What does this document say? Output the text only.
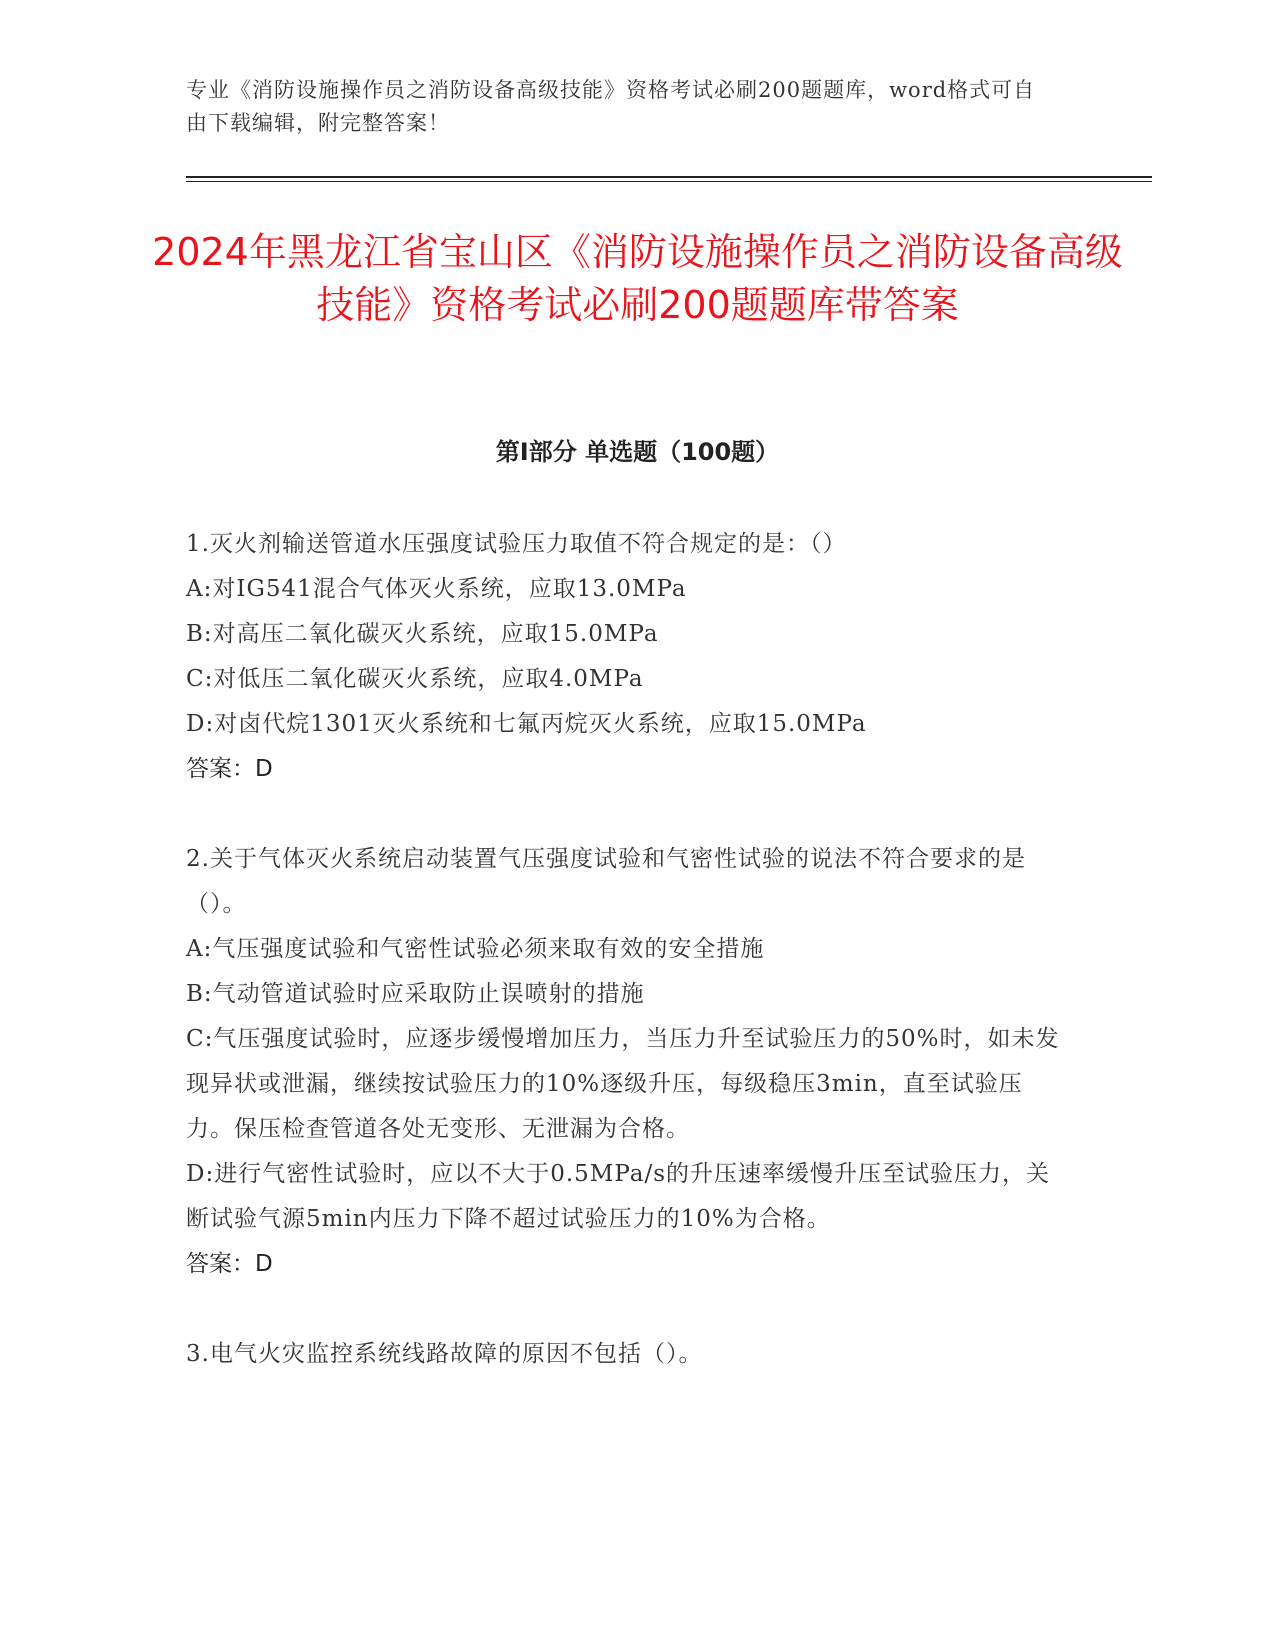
专业《消防设施操作员之消防设备高级技能》资格考试必刷200题题库，word格式可自由下载编辑，附完整答案！
2024年黑龙江省宝山区《消防设施操作员之消防设备高级技能》资格考试必刷200题题库带答案
第I部分 单选题（100题）

1.灭火剂输送管道水压强度试验压力取值不符合规定的是：（）

A:对IG541混合气体灭火系统，应取13.0MPa

B:对高压二氧化碳灭火系统，应取15.0MPa

C:对低压二氧化碳灭火系统，应取4.0MPa

D:对卤代烷1301灭火系统和七氟丙烷灭火系统，应取15.0MPa

答案：D

2.关于气体灭火系统启动装置气压强度试验和气密性试验的说法不符合要求的是（）。

A:气压强度试验和气密性试验必须来取有效的安全措施

B:气动管道试验时应采取防止误喷射的措施

C:气压强度试验时，应逐步缓慢增加压力，当压力升至试验压力的50%时，如未发现异状或泄漏，继续按试验压力的10%逐级升压，每级稳压3min，直至试验压力。保压检查管道各处无变形、无泄漏为合格。

D:进行气密性试验时，应以不大于0.5MPa/s的升压速率缓慢升压至试验压力，关断试验气源5min内压力下降不超过试验压力的10%为合格。

答案：D

3.电气火灾监控系统线路故障的原因不包括（）。
